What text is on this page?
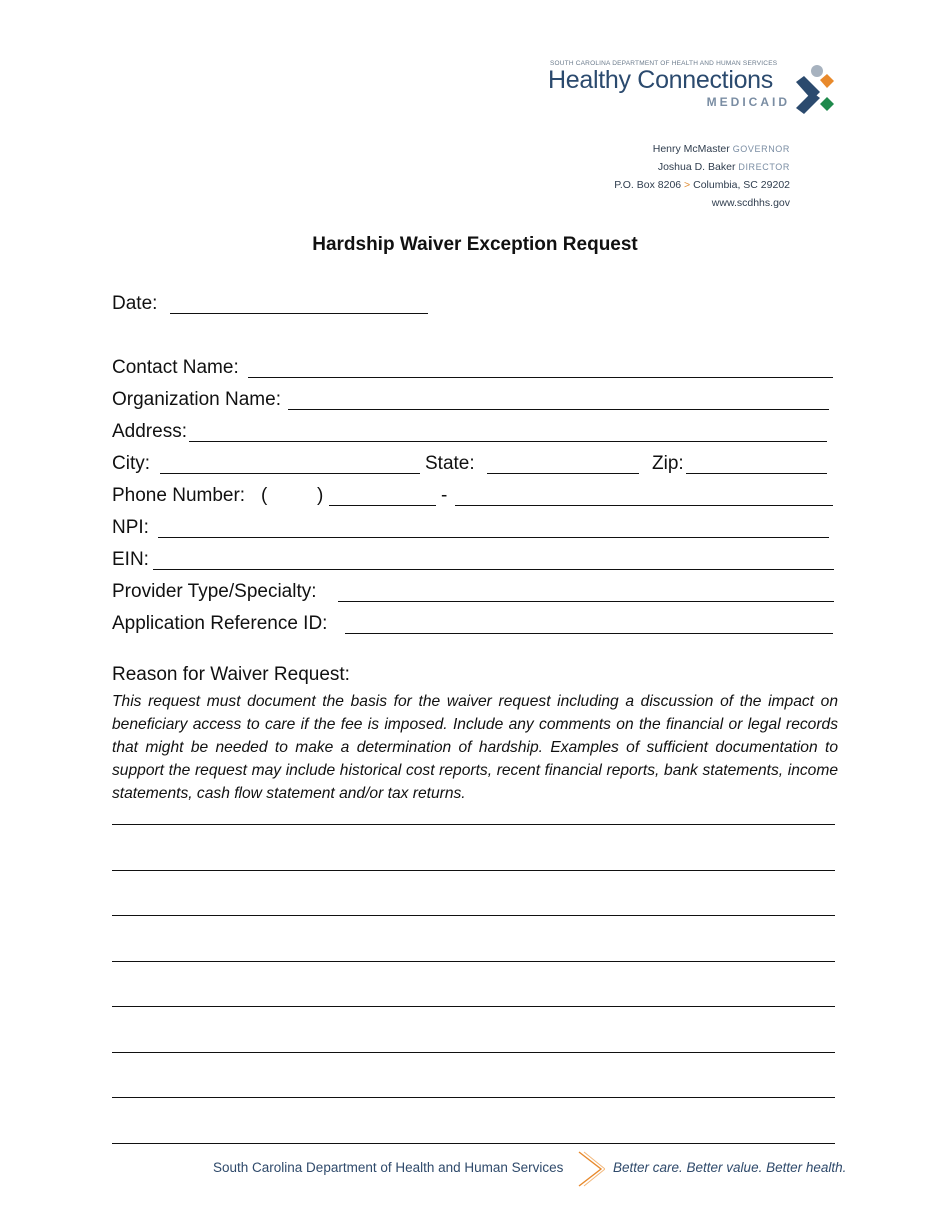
SOUTH CAROLINA DEPARTMENT OF HEALTH AND HUMAN SERVICES
Healthy Connections
MEDICAID
Henry McMaster GOVERNOR
Joshua D. Baker DIRECTOR
P.O. Box 8206 > Columbia, SC 29202
www.scdhhs.gov
Hardship Waiver Exception Request
Date:
Contact Name:
Organization Name:
Address:
City:	State:	Zip:
Phone Number: (	)	-
NPI:
EIN:
Provider Type/Specialty:
Application Reference ID:
Reason for Waiver Request:
This request must document the basis for the waiver request including a discussion of the impact on beneficiary access to care if the fee is imposed. Include any comments on the financial or legal records that might be needed to make a determination of hardship. Examples of sufficient documentation to support the request may include historical cost reports, recent financial reports, bank statements, income statements, cash flow statement and/or tax returns.
South Carolina Department of Health and Human Services	Better care. Better value. Better health.
